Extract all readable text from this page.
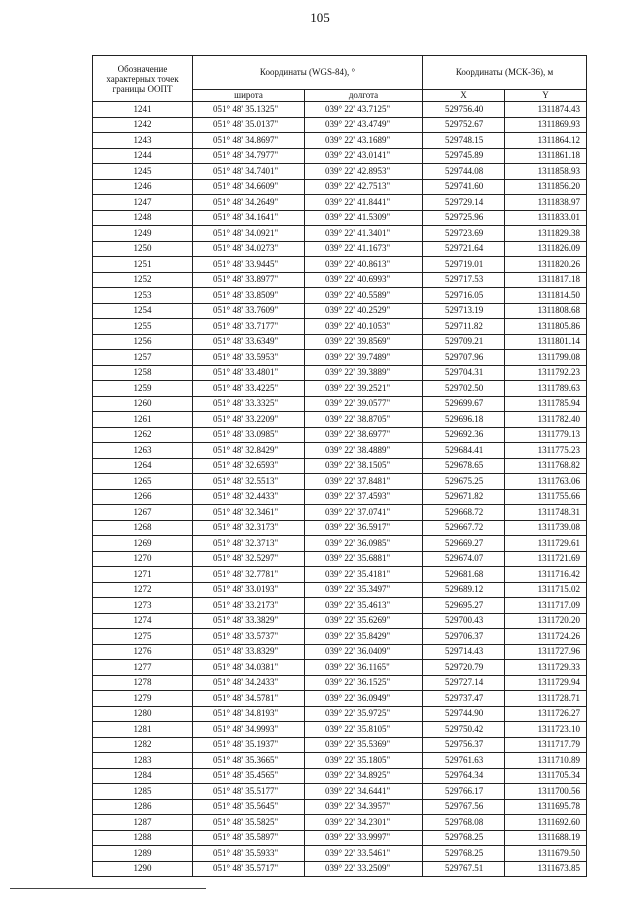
105
Обозначение характерных точек границы ООПТ	Координаты (WGS-84), °		Координаты (МСК-36), м	
	широта	долгота	X	Y
1241	051° 48' 35.1325"	039° 22' 43.7125"	529756.40	1311874.43
1242	051° 48' 35.0137"	039° 22' 43.4749"	529752.67	1311869.93
1243	051° 48' 34.8697"	039° 22' 43.1689"	529748.15	1311864.12
1244	051° 48' 34.7977"	039° 22' 43.0141"	529745.89	1311861.18
1245	051° 48' 34.7401"	039° 22' 42.8953"	529744.08	1311858.93
1246	051° 48' 34.6609"	039° 22' 42.7513"	529741.60	1311856.20
1247	051° 48' 34.2649"	039° 22' 41.8441"	529729.14	1311838.97
1248	051° 48' 34.1641"	039° 22' 41.5309"	529725.96	1311833.01
1249	051° 48' 34.0921"	039° 22' 41.3401"	529723.69	1311829.38
1250	051° 48' 34.0273"	039° 22' 41.1673"	529721.64	1311826.09
1251	051° 48' 33.9445"	039° 22' 40.8613"	529719.01	1311820.26
1252	051° 48' 33.8977"	039° 22' 40.6993"	529717.53	1311817.18
1253	051° 48' 33.8509"	039° 22' 40.5589"	529716.05	1311814.50
1254	051° 48' 33.7609"	039° 22' 40.2529"	529713.19	1311808.68
1255	051° 48' 33.7177"	039° 22' 40.1053"	529711.82	1311805.86
1256	051° 48' 33.6349"	039° 22' 39.8569"	529709.21	1311801.14
1257	051° 48' 33.5953"	039° 22' 39.7489"	529707.96	1311799.08
1258	051° 48' 33.4801"	039° 22' 39.3889"	529704.31	1311792.23
1259	051° 48' 33.4225"	039° 22' 39.2521"	529702.50	1311789.63
1260	051° 48' 33.3325"	039° 22' 39.0577"	529699.67	1311785.94
1261	051° 48' 33.2209"	039° 22' 38.8705"	529696.18	1311782.40
1262	051° 48' 33.0985"	039° 22' 38.6977"	529692.36	1311779.13
1263	051° 48' 32.8429"	039° 22' 38.4889"	529684.41	1311775.23
1264	051° 48' 32.6593"	039° 22' 38.1505"	529678.65	1311768.82
1265	051° 48' 32.5513"	039° 22' 37.8481"	529675.25	1311763.06
1266	051° 48' 32.4433"	039° 22' 37.4593"	529671.82	1311755.66
1267	051° 48' 32.3461"	039° 22' 37.0741"	529668.72	1311748.31
1268	051° 48' 32.3173"	039° 22' 36.5917"	529667.72	1311739.08
1269	051° 48' 32.3713"	039° 22' 36.0985"	529669.27	1311729.61
1270	051° 48' 32.5297"	039° 22' 35.6881"	529674.07	1311721.69
1271	051° 48' 32.7781"	039° 22' 35.4181"	529681.68	1311716.42
1272	051° 48' 33.0193"	039° 22' 35.3497"	529689.12	1311715.02
1273	051° 48' 33.2173"	039° 22' 35.4613"	529695.27	1311717.09
1274	051° 48' 33.3829"	039° 22' 35.6269"	529700.43	1311720.20
1275	051° 48' 33.5737"	039° 22' 35.8429"	529706.37	1311724.26
1276	051° 48' 33.8329"	039° 22' 36.0409"	529714.43	1311727.96
1277	051° 48' 34.0381"	039° 22' 36.1165"	529720.79	1311729.33
1278	051° 48' 34.2433"	039° 22' 36.1525"	529727.14	1311729.94
1279	051° 48' 34.5781"	039° 22' 36.0949"	529737.47	1311728.71
1280	051° 48' 34.8193"	039° 22' 35.9725"	529744.90	1311726.27
1281	051° 48' 34.9993"	039° 22' 35.8105"	529750.42	1311723.10
1282	051° 48' 35.1937"	039° 22' 35.5369"	529756.37	1311717.79
1283	051° 48' 35.3665"	039° 22' 35.1805"	529761.63	1311710.89
1284	051° 48' 35.4565"	039° 22' 34.8925"	529764.34	1311705.34
1285	051° 48' 35.5177"	039° 22' 34.6441"	529766.17	1311700.56
1286	051° 48' 35.5645"	039° 22' 34.3957"	529767.56	1311695.78
1287	051° 48' 35.5825"	039° 22' 34.2301"	529768.08	1311692.60
1288	051° 48' 35.5897"	039° 22' 33.9997"	529768.25	1311688.19
1289	051° 48' 35.5933"	039° 22' 33.5461"	529768.25	1311679.50
1290	051° 48' 35.5717"	039° 22' 33.2509"	529767.51	1311673.85
